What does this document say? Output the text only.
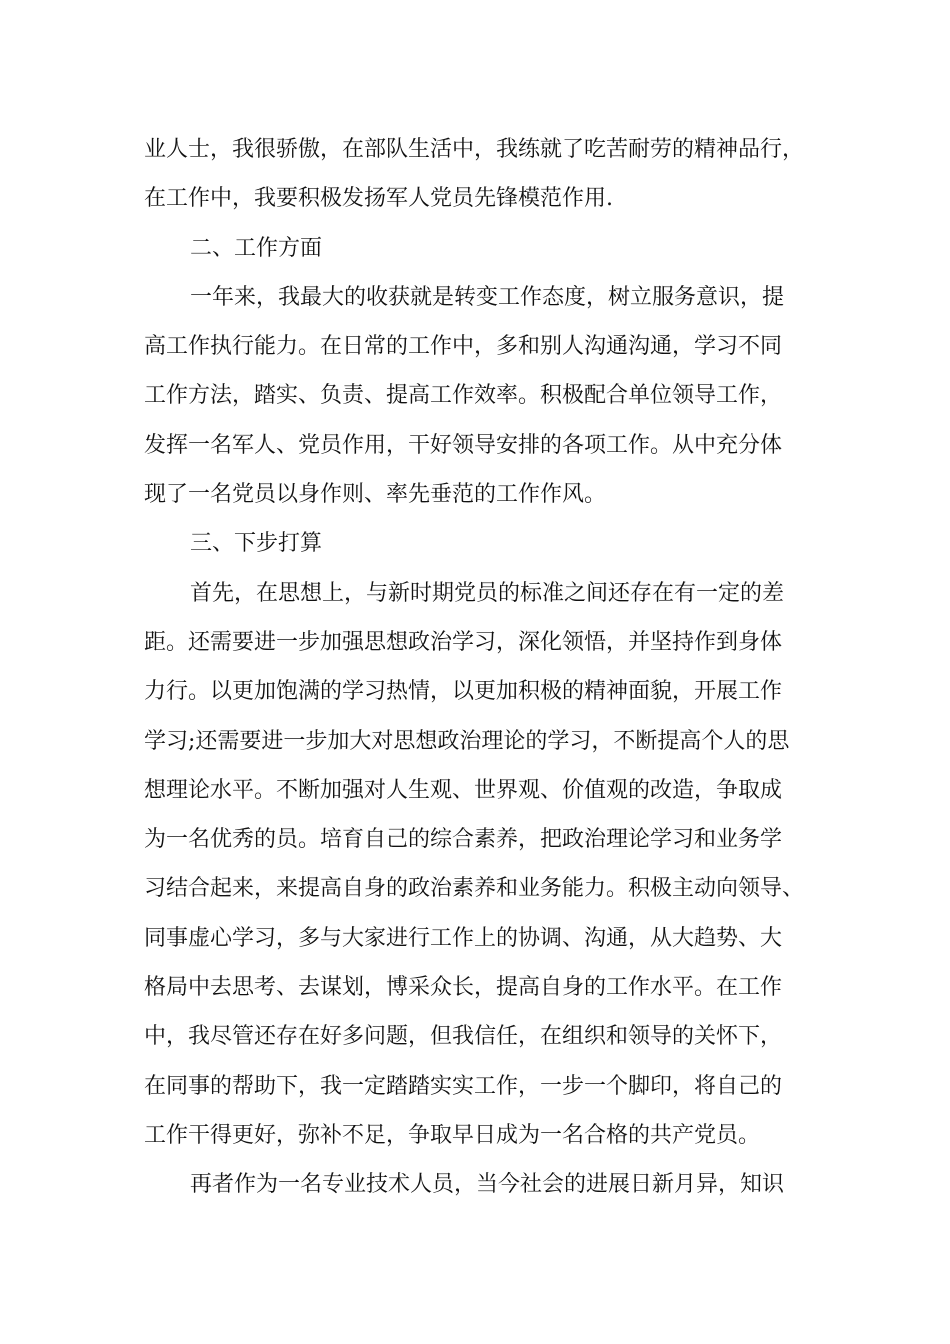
业人士，我很骄傲，在部队生活中，我练就了吃苦耐劳的精神品行，
在工作中，我要积极发扬军人党员先锋模范作用.
二、工作方面
一年来，我最大的收获就是转变工作态度，树立服务意识，提
高工作执行能力。在日常的工作中，多和别人沟通沟通，学习不同
工作方法，踏实、负责、提高工作效率。积极配合单位领导工作，
发挥一名军人、党员作用，干好领导安排的各项工作。从中充分体
现了一名党员以身作则、率先垂范的工作作风。
三、下步打算
首先，在思想上，与新时期党员的标准之间还存在有一定的差
距。还需要进一步加强思想政治学习，深化领悟，并坚持作到身体
力行。以更加饱满的学习热情，以更加积极的精神面貌，开展工作
学习;还需要进一步加大对思想政治理论的学习，不断提高个人的思
想理论水平。不断加强对人生观、世界观、价值观的改造，争取成
为一名优秀的员。培育自己的综合素养，把政治理论学习和业务学
习结合起来，来提高自身的政治素养和业务能力。积极主动向领导、
同事虚心学习，多与大家进行工作上的协调、沟通，从大趋势、大
格局中去思考、去谋划，博采众长，提高自身的工作水平。在工作
中，我尽管还存在好多问题，但我信任，在组织和领导的关怀下，
在同事的帮助下，我一定踏踏实实工作，一步一个脚印，将自己的
工作干得更好，弥补不足，争取早日成为一名合格的共产党员。
再者作为一名专业技术人员，当今社会的进展日新月异，知识
